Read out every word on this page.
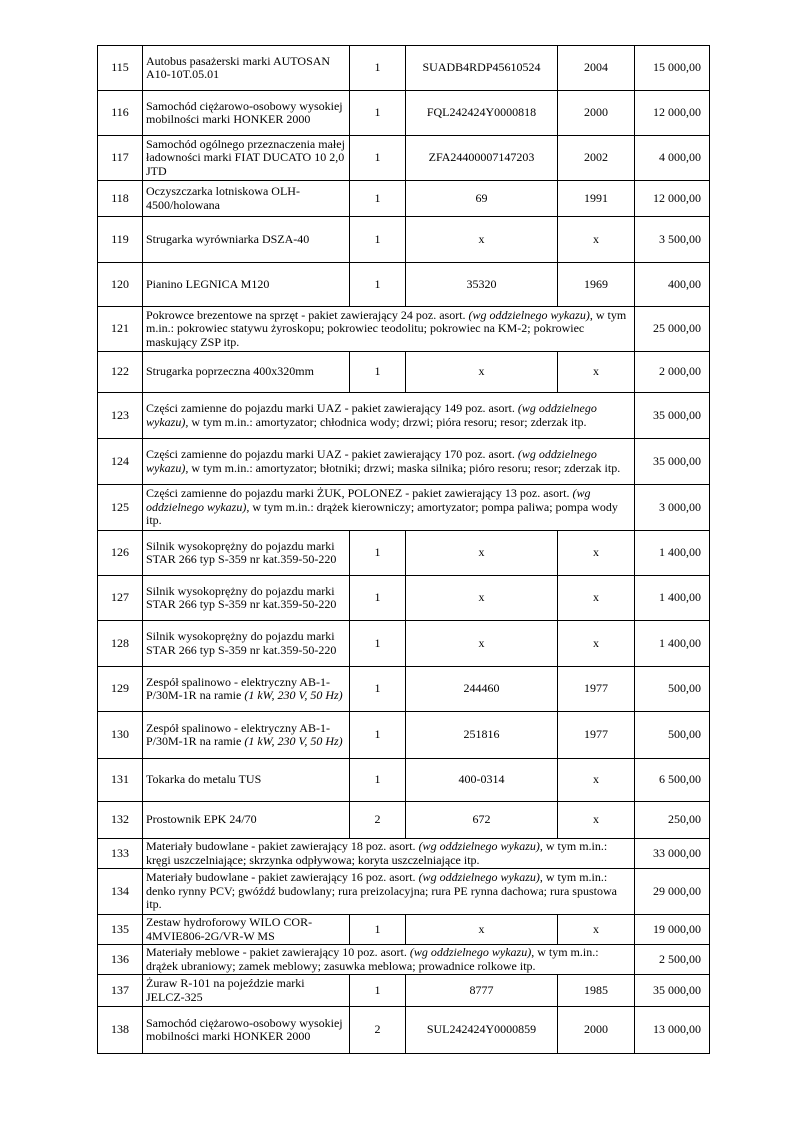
115	Autobus pasażerski marki AUTOSAN A10-10T.05.01	1	SUADB4RDP45610524	2004	15 000,00
116	Samochód ciężarowo-osobowy wysokiej mobilności marki HONKER 2000	1	FQL242424Y0000818	2000	12 000,00
117	Samochód ogólnego przeznaczenia małej ładowności marki FIAT DUCATO 10 2,0 JTD	1	ZFA24400007147203	2002	4 000,00
118	Oczyszczarka lotniskowa OLH-4500/holowana	1	69	1991	12 000,00
119	Strugarka wyrówniarka DSZA-40	1	x	x	3 500,00
120	Pianino LEGNICA M120	1	35320	1969	400,00
121	Pokrowce brezentowe na sprzęt - pakiet zawierający 24 poz. asort. (wg oddzielnego wykazu), w tym m.in.: pokrowiec statywu żyroskopu; pokrowiec teodolitu; pokrowiec na KM-2; pokrowiec maskujący ZSP itp.				25 000,00
122	Strugarka poprzeczna 400x320mm	1	x	x	2 000,00
123	Części zamienne do pojazdu marki UAZ - pakiet zawierający 149 poz. asort. (wg oddzielnego wykazu), w tym m.in.: amortyzator; chłodnica wody; drzwi; pióra resoru; resor; zderzak itp.				35 000,00
124	Części zamienne do pojazdu marki UAZ - pakiet zawierający 170 poz. asort. (wg oddzielnego wykazu), w tym m.in.: amortyzator; błotniki; drzwi; maska silnika; pióro resoru; resor; zderzak itp.				35 000,00
125	Części zamienne do pojazdu marki ŻUK, POLONEZ - pakiet zawierający 13 poz. asort. (wg oddzielnego wykazu), w tym m.in.: drążek kierowniczy; amortyzator; pompa paliwa; pompa wody itp.				3 000,00
126	Silnik wysokoprężny do pojazdu marki STAR 266 typ S-359 nr kat.359-50-220	1	x	x	1 400,00
127	Silnik wysokoprężny do pojazdu marki STAR 266 typ S-359 nr kat.359-50-220	1	x	x	1 400,00
128	Silnik wysokoprężny do pojazdu marki STAR 266 typ S-359 nr kat.359-50-220	1	x	x	1 400,00
129	Zespół spalinowo - elektryczny AB-1-P/30M-1R na ramie (1 kW, 230 V, 50 Hz)	1	244460	1977	500,00
130	Zespół spalinowo - elektryczny AB-1-P/30M-1R na ramie (1 kW, 230 V, 50 Hz)	1	251816	1977	500,00
131	Tokarka do metalu TUS	1	400-0314	x	6 500,00
132	Prostownik EPK 24/70	2	672	x	250,00
133	Materiały budowlane - pakiet zawierający 18 poz. asort. (wg oddzielnego wykazu), w tym m.in.: kręgi uszczelniające; skrzynka odpływowa; koryta uszczelniające itp.				33 000,00
134	Materiały budowlane - pakiet zawierający 16 poz. asort. (wg oddzielnego wykazu), w tym m.in.: denko rynny PCV; gwóźdź budowlany; rura preizolacyjna; rura PE rynna dachowa; rura spustowa itp.				29 000,00
135	Zestaw hydroforowy WILO COR-4MVIE806-2G/VR-W MS	1	x	x	19 000,00
136	Materiały meblowe - pakiet zawierający 10 poz. asort. (wg oddzielnego wykazu), w tym m.in.: drążek ubraniowy; zamek meblowy; zasuwka meblowa; prowadnice rolkowe itp.				2 500,00
137	Żuraw R-101 na pojeździe marki JELCZ-325	1	8777	1985	35 000,00
138	Samochód ciężarowo-osobowy wysokiej mobilności marki HONKER 2000	2	SUL242424Y0000859	2000	13 000,00
